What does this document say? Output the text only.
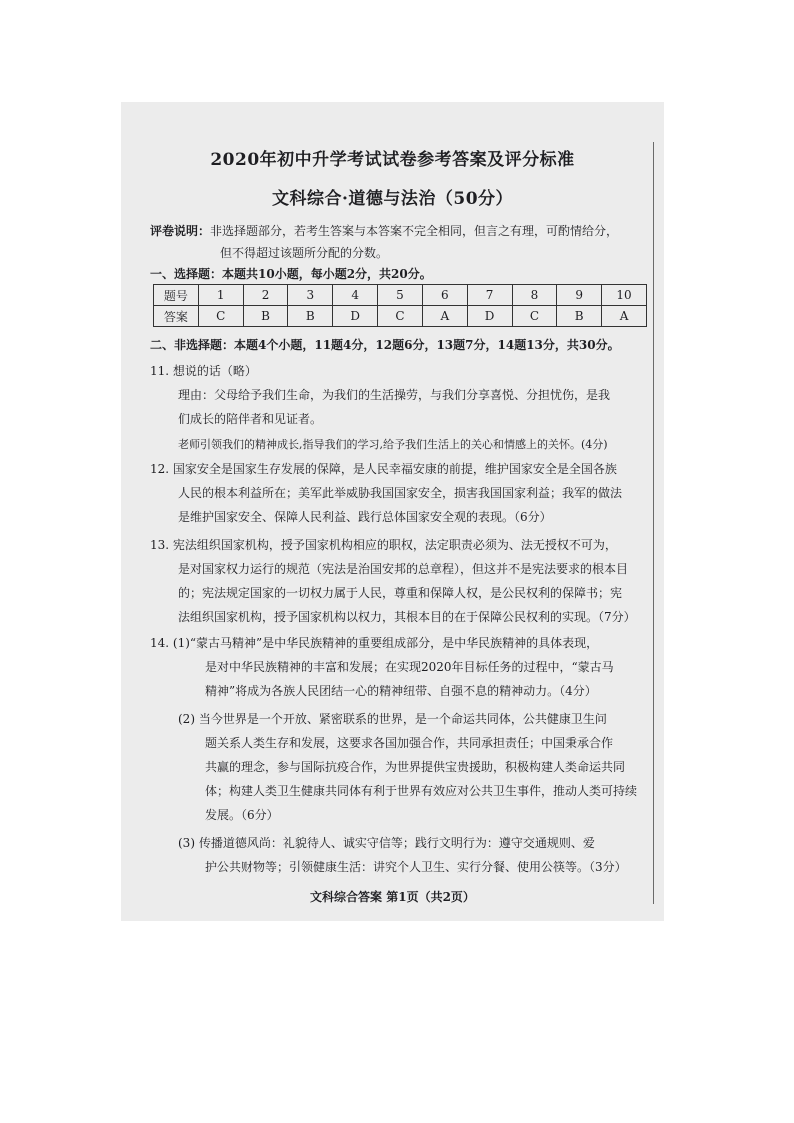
2020年初中升学考试试卷参考答案及评分标准
文科综合·道德与法治（50分）
评卷说明：非选择题部分，若考生答案与本答案不完全相同，但言之有理，可酌情给分，
但不得超过该题所分配的分数。
一、选择题：本题共10小题，每小题2分，共20分。
题号	1	2	3	4	5	6	7	8	9	10
答案	C	B	B	D	C	A	D	C	B	A
二、非选择题：本题4个小题，11题4分，12题6分，13题7分，14题13分，共30分。
11. 想说的话（略）
理由：父母给予我们生命，为我们的生活操劳，与我们分享喜悦、分担忧伤，是我
们成长的陪伴者和见证者。
老师引领我们的精神成长,指导我们的学习,给予我们生活上的关心和情感上的关怀。(4分)
12. 国家安全是国家生存发展的保障，是人民幸福安康的前提，维护国家安全是全国各族
人民的根本利益所在；美军此举威胁我国国家安全，损害我国国家利益；我军的做法
是维护国家安全、保障人民利益、践行总体国家安全观的表现。（6分）
13. 宪法组织国家机构，授予国家机构相应的职权，法定职责必须为、法无授权不可为，
是对国家权力运行的规范（宪法是治国安邦的总章程），但这并不是宪法要求的根本目
的；宪法规定国家的一切权力属于人民，尊重和保障人权，是公民权利的保障书；宪
法组织国家机构，授予国家机构以权力，其根本目的在于保障公民权利的实现。（7分）
14. (1)“蒙古马精神”是中华民族精神的重要组成部分，是中华民族精神的具体表现，
是对中华民族精神的丰富和发展；在实现2020年目标任务的过程中，“蒙古马
精神”将成为各族人民团结一心的精神纽带、自强不息的精神动力。（4分）
(2) 当今世界是一个开放、紧密联系的世界，是一个命运共同体，公共健康卫生问
题关系人类生存和发展，这要求各国加强合作，共同承担责任；中国秉承合作
共赢的理念，参与国际抗疫合作，为世界提供宝贵援助，积极构建人类命运共同
体；构建人类卫生健康共同体有利于世界有效应对公共卫生事件，推动人类可持续
发展。（6分）
(3) 传播道德风尚：礼貌待人、诚实守信等；践行文明行为：遵守交通规则、爱
护公共财物等；引领健康生活：讲究个人卫生、实行分餐、使用公筷等。（3分）
文科综合答案 第1页（共2页）
